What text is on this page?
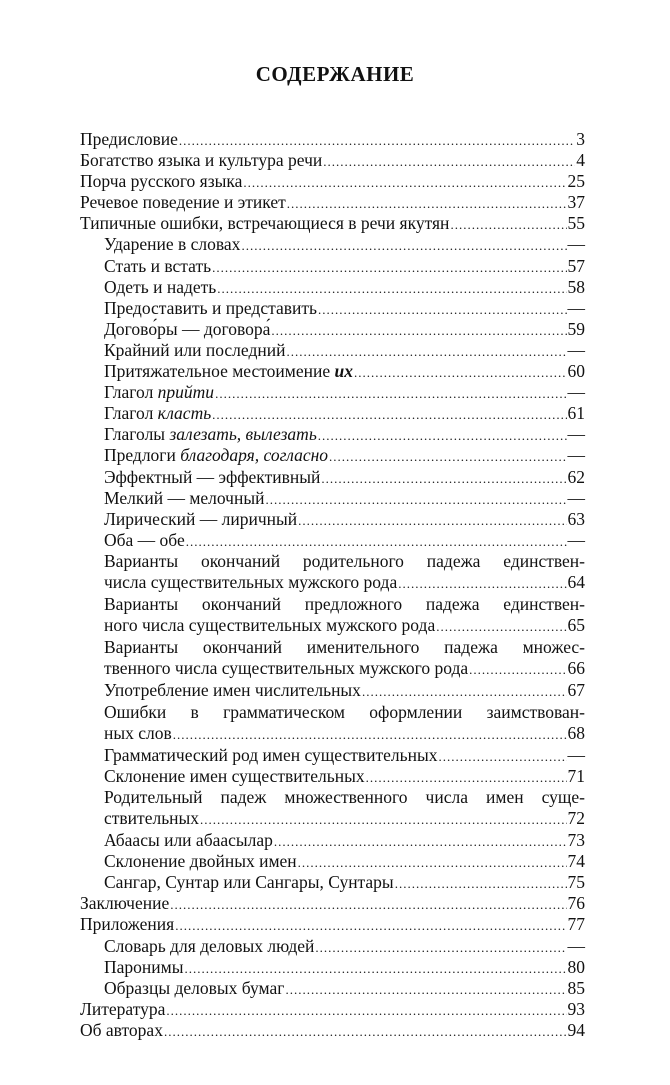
СОДЕРЖАНИЕ
Предисловие .....	3
Богатство языка и культура речи .....	4
Порча русского языка .....	25
Речевое поведение и этикет .....	37
Типичные ошибки, встречающиеся в речи якутян .....	55
Ударение в словах .....	—
Стать и встать .....	57
Одеть и надеть .....	58
Предоставить и представить .....	—
Догово́ры — договора́ .....	59
Крайний или последний .....	—
Притяжательное местоимение их .....	60
Глагол прийти .....	—
Глагол класть .....	61
Глаголы залезать, вылезать .....	—
Предлоги благодаря, согласно .....	—
Эффектный — эффективный .....	62
Мелкий — мелочный .....	—
Лирический — лиричный .....	63
Оба — обе .....	—
Варианты окончаний родительного падежа единствен-
числа существительных мужского рода .....	64
Варианты окончаний предложного падежа единствен-
ного числа существительных мужского рода .....	65
Варианты окончаний именительного падежа множес-
твенного числа существительных мужского рода .....	66
Употребление имен числительных .....	67
Ошибки в грамматическом оформлении заимствован-
ных слов .....	68
Грамматический род имен существительных .....	—
Склонение имен существительных .....	71
Родительный падеж множественного числа имен суще-
ствительных .....	72
Абаасы или абаасылар .....	73
Склонение двойных имен .....	74
Сангар, Сунтар или Сангары, Сунтары .....	75
Заключение .....	76
Приложения .....	77
Словарь для деловых людей .....	—
Паронимы .....	80
Образцы деловых бумаг .....	85
Литература .....	93
Об авторах .....	94
